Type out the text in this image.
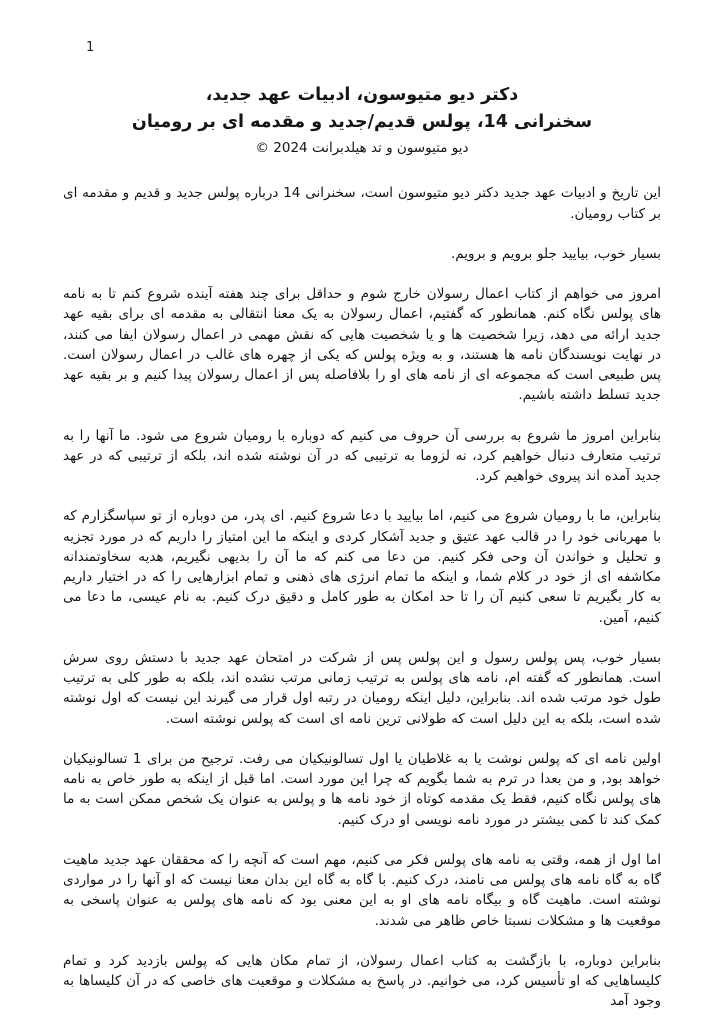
1
دکتر دیو متیوسون، ادبیات عهد جدید،
سخنرانی 14، پولس قدیم/جدید و مقدمه ای بر رومیان
© 2024 دیو متیوسون و تد هیلدبرانت

این تاریخ و ادبیات عهد جدید دکتر دیو متیوسون است، سخنرانی 14 درباره پولس جدید و قدیم و مقدمه ای بر کتاب رومیان.

بسیار خوب، بیایید جلو برویم و برویم.

امروز می خواهم از کتاب اعمال رسولان خارج شوم و حداقل برای چند هفته آینده شروع کنم تا به نامه های پولس نگاه کنم. همانطور که گفتیم، اعمال رسولان به یک معنا انتقالی به مقدمه ای برای بقیه عهد جدید ارائه می دهد، زیرا شخصیت ها و یا شخصیت هایی که نقش مهمی در اعمال رسولان ایفا می کنند، در نهایت نویسندگان نامه ها هستند، و به ویژه پولس که یکی از چهره های غالب در اعمال رسولان است. پس طبیعی است که مجموعه ای از نامه های او را بلافاصله پس از اعمال رسولان پیدا کنیم و بر بقیه عهد جدید تسلط داشته باشیم.

بنابراین امروز ما شروع به بررسی آن حروف می کنیم که دوباره با رومیان شروع می شود. ما آنها را به ترتیب متعارف دنبال خواهیم کرد، نه لزوما به ترتیبی که در آن نوشته شده اند، بلکه از ترتیبی که در عهد جدید آمده اند پیروی خواهیم کرد.

بنابراین، ما با رومیان شروع می کنیم، اما بیایید با دعا شروع کنیم. ای پدر، من دوباره از تو سپاسگزارم که با مهربانی خود را در قالب عهد عتیق و جدید آشکار کردی و اینکه ما این امتیاز را داریم که در مورد تجزیه و تحلیل و خواندن آن وحی فکر کنیم. من دعا می کنم که ما آن را بدیهی نگیریم، هدیه سخاوتمندانه مکاشفه ای از خود در کلام شما، و اینکه ما تمام انرژی های ذهنی و تمام ابزارهایی را که در اختیار داریم به کار بگیریم تا سعی کنیم آن را تا حد امکان به طور کامل و دقیق درک کنیم. به نام عیسی، ما دعا می کنیم، آمین.

بسیار خوب، پس پولس رسول و این پولس پس از شرکت در امتحان عهد جدید با دستش روی سرش است. همانطور که گفته ام، نامه های پولس به ترتیب زمانی مرتب نشده اند، بلکه به طور کلی به ترتیب طول خود مرتب شده اند. بنابراین، دلیل اینکه رومیان در رتبه اول قرار می گیرند این نیست که اول نوشته شده است، بلکه به این دلیل است که طولانی ترین نامه ای است که پولس نوشته است.

اولین نامه ای که پولس نوشت یا به غلاطیان یا اول تسالونیکیان می رفت. ترجیح من برای 1 تسالونیکیان خواهد بود, و من بعدا در ترم به شما بگویم که چرا این مورد است. اما قبل از اینکه به طور خاص به نامه های پولس نگاه کنیم، فقط یک مقدمه کوتاه از خود نامه ها و پولس به عنوان یک شخص ممکن است به ما کمک کند تا کمی بیشتر در مورد نامه نویسی او درک کنیم.

اما اول از همه، وقتی به نامه های پولس فکر می کنیم، مهم است که آنچه را که محققان عهد جدید ماهیت گاه به گاه نامه های پولس می نامند، درک کنیم. با گاه به گاه این بدان معنا نیست که او آنها را در مواردی نوشته است. ماهیت گاه و بیگاه نامه های او به این معنی بود که نامه های پولس به عنوان پاسخی به موقعیت ها و مشکلات نسبتا خاص ظاهر می شدند.

بنابراین دوباره، با بازگشت به کتاب اعمال رسولان، از تمام مکان هایی که پولس بازدید کرد و تمام کلیساهایی که او تأسیس کرد، می خوانیم. در پاسخ به مشکلات و موقعیت های خاصی که در آن کلیساها به وجود آمد
